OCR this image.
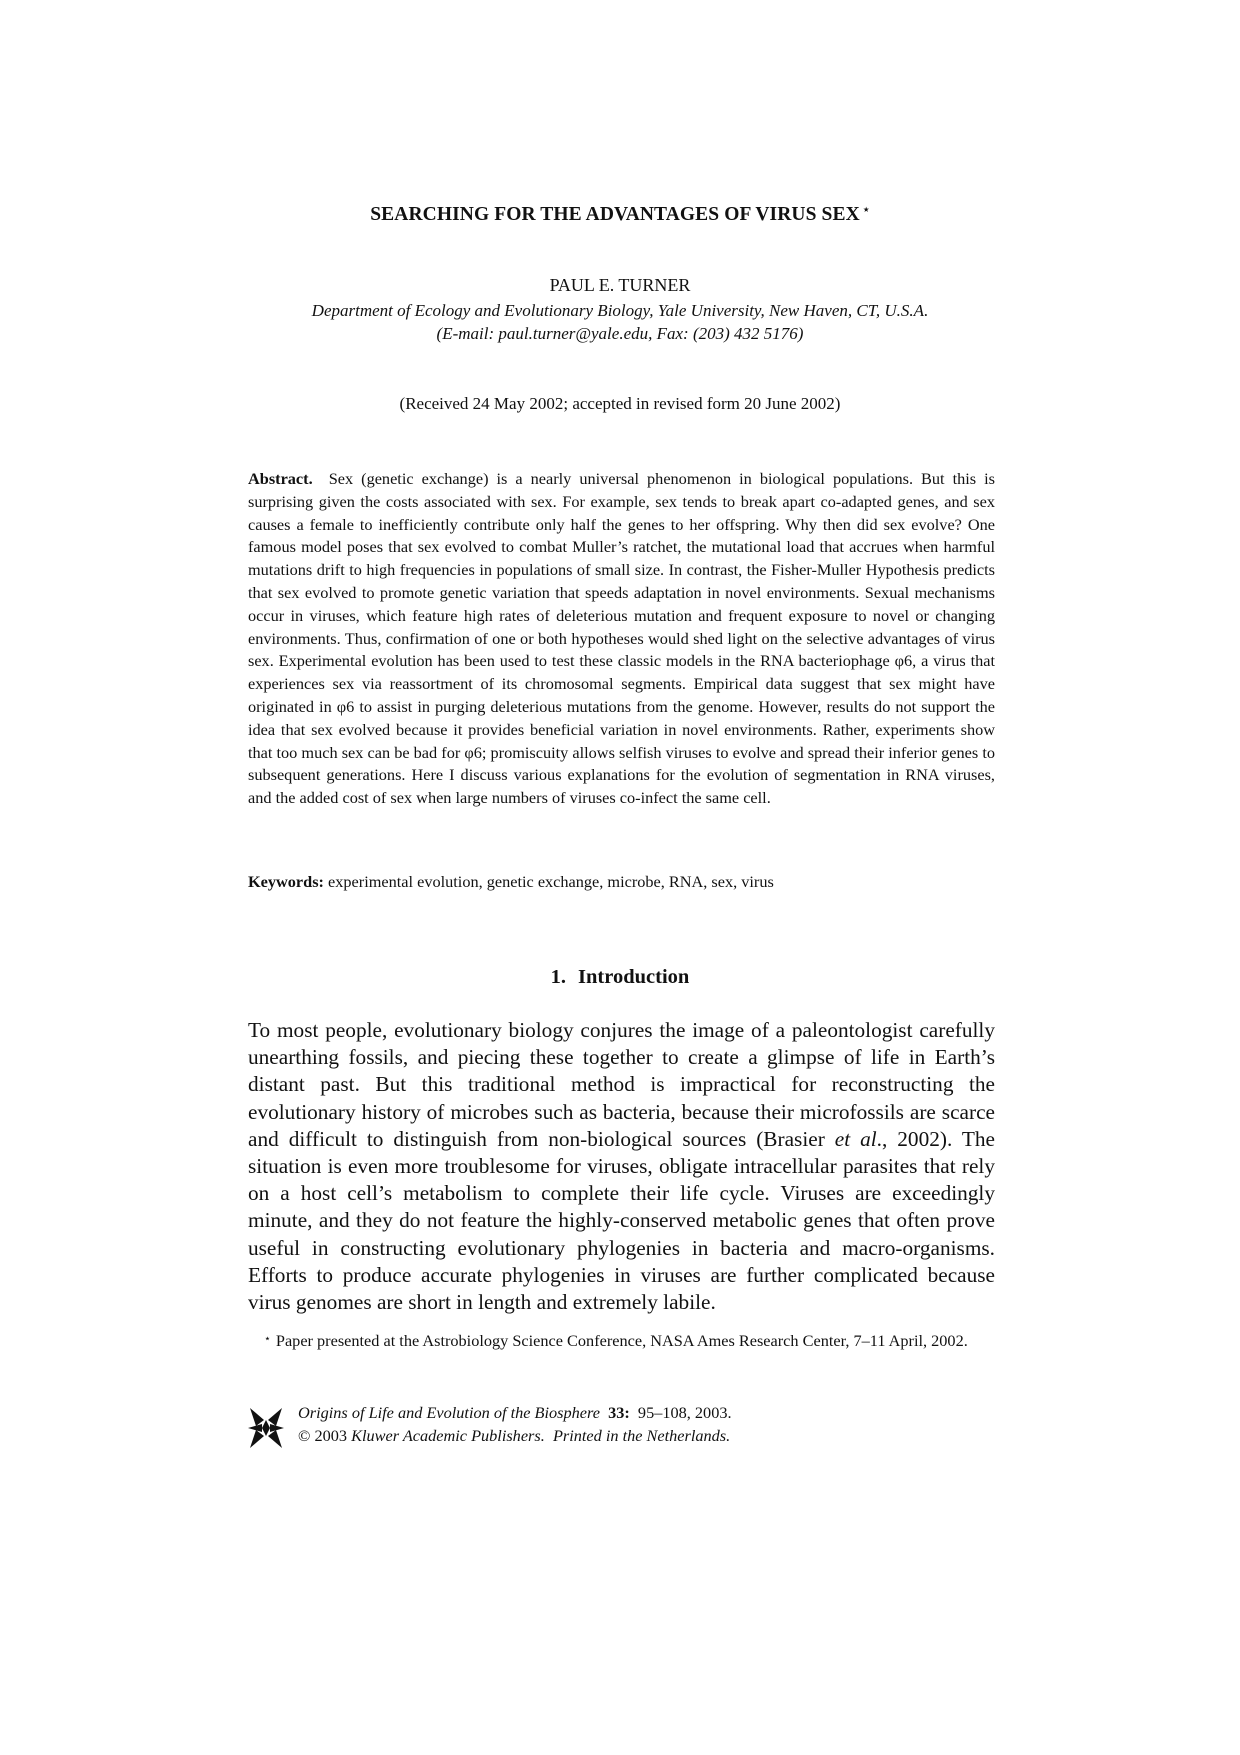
SEARCHING FOR THE ADVANTAGES OF VIRUS SEX ⋆
PAUL E. TURNER
Department of Ecology and Evolutionary Biology, Yale University, New Haven, CT, U.S.A.
(E-mail: paul.turner@yale.edu, Fax: (203) 432 5176)
(Received 24 May 2002; accepted in revised form 20 June 2002)

Abstract. Sex (genetic exchange) is a nearly universal phenomenon in biological populations. But this is surprising given the costs associated with sex. For example, sex tends to break apart co-adapted genes, and sex causes a female to inefficiently contribute only half the genes to her offspring. Why then did sex evolve? One famous model poses that sex evolved to combat Muller’s ratchet, the mutational load that accrues when harmful mutations drift to high frequencies in populations of small size. In contrast, the Fisher-Muller Hypothesis predicts that sex evolved to promote genetic variation that speeds adaptation in novel environments. Sexual mechanisms occur in viruses, which feature high rates of deleterious mutation and frequent exposure to novel or changing environments. Thus, confirmation of one or both hypotheses would shed light on the selective advantages of virus sex. Experimental evolution has been used to test these classic models in the RNA bacteriophage φ6, a virus that experiences sex via reassortment of its chromosomal segments. Empirical data suggest that sex might have originated in φ6 to assist in purging deleterious mutations from the genome. However, results do not support the idea that sex evolved because it provides beneficial variation in novel environments. Rather, experiments show that too much sex can be bad for φ6; promiscuity allows selfish viruses to evolve and spread their inferior genes to subsequent generations. Here I discuss various explanations for the evolution of segmentation in RNA viruses, and the added cost of sex when large numbers of viruses co-infect the same cell.

Keywords: experimental evolution, genetic exchange, microbe, RNA, sex, virus
1. Introduction

To most people, evolutionary biology conjures the image of a paleontologist carefully unearthing fossils, and piecing these together to create a glimpse of life in Earth’s distant past. But this traditional method is impractical for reconstructing the evolutionary history of microbes such as bacteria, because their microfossils are scarce and difficult to distinguish from non-biological sources (Brasier et al., 2002). The situation is even more troublesome for viruses, obligate intracellular parasites that rely on a host cell’s metabolism to complete their life cycle. Viruses are exceedingly minute, and they do not feature the highly-conserved metabolic genes that often prove useful in constructing evolutionary phylogenies in bacteria and macro-organisms. Efforts to produce accurate phylogenies in viruses are further complicated because virus genomes are short in length and extremely labile.

⋆ Paper presented at the Astrobiology Science Conference, NASA Ames Research Center, 7–11 April, 2002.

Origins of Life and Evolution of the Biosphere 33: 95–108, 2003.
© 2003 Kluwer Academic Publishers. Printed in the Netherlands.
